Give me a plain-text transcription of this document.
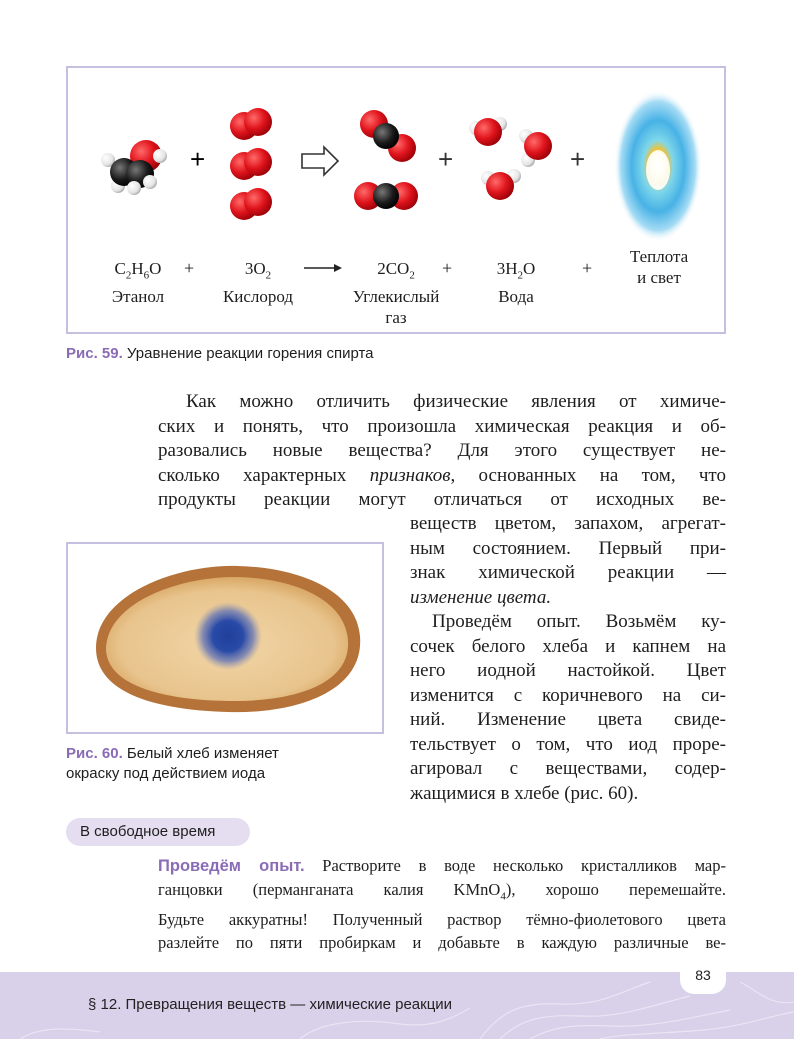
+	+	+
$C_2H_6O$
Этанол
+	$3O_2$
Кислород
$2CO_2$
Углекислый
газ
+	$3H_2O$
Вода
+
Теплота
и свет
Рис. 59. Уравнение реакции горения спирта
Как можно отличить физические явления от химиче-
ских и понять, что произошла химическая реакция и об-
разовались новые вещества? Для этого существует не-
сколько характерных признаков, основанных на том, что
продукты реакции могут отличаться от исходных ве-
веществ цветом, запахом, агрегат-
ным состоянием. Первый при-
знак химической реакции —
изменение цвета.
Проведём опыт. Возьмём ку-
сочек белого хлеба и капнем на
него иодной настойкой. Цвет
изменится с коричневого на си-
ний. Изменение цвета свиде-
тельствует о том, что иод проре-
агировал с веществами, содер-
жащимися в хлебе (рис. 60).
Рис. 60. Белый хлеб изменяет
окраску под действием иода
В свободное время
Проведём опыт. Растворите в воде несколько кристалликов мар-
ганцовки (перманганата калия KMnO$_4$), хорошо перемешайте.
Будьте аккуратны! Полученный раствор тёмно-фиолетового цвета
разлейте по пяти пробиркам и добавьте в каждую различные ве-
83
§ 12. Превращения веществ — химические реакции
